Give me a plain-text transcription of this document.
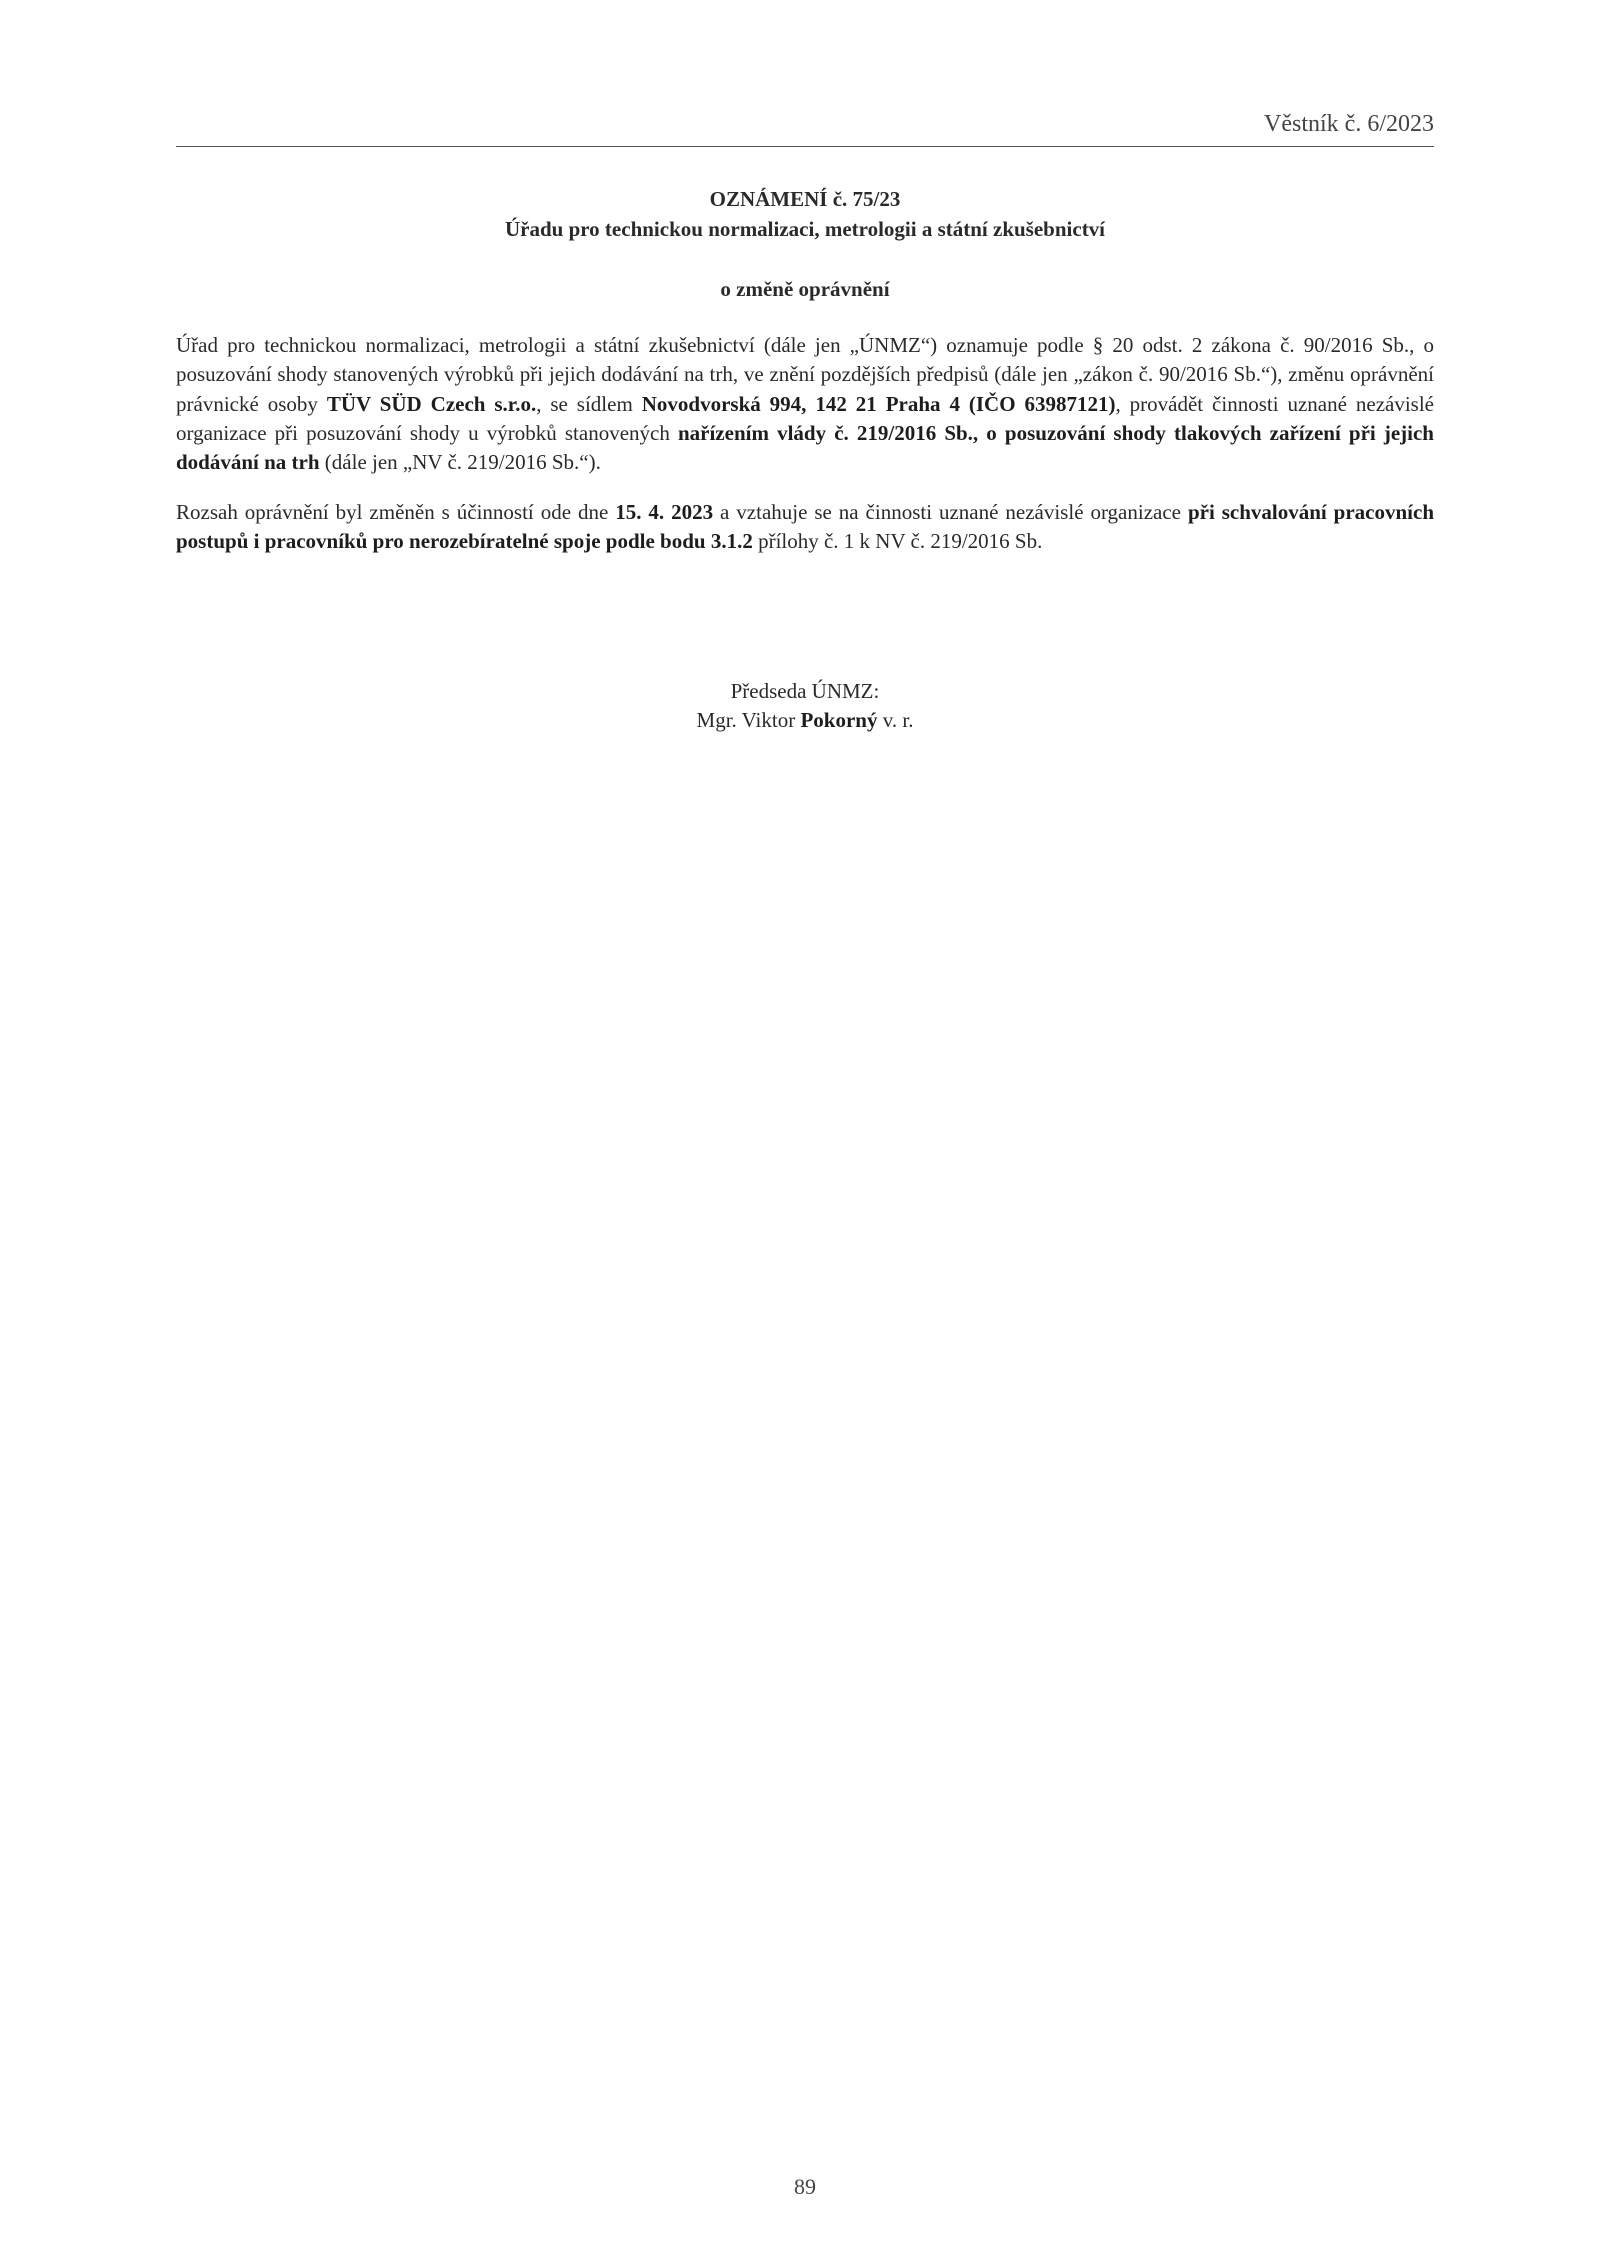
Věstník č. 6/2023
OZNÁMENÍ č. 75/23
Úřadu pro technickou normalizaci, metrologii a státní zkušebnictví
o změně oprávnění
Úřad pro technickou normalizaci, metrologii a státní zkušebnictví (dále jen „ÚNMZ“) oznamuje podle § 20 odst. 2 zákona č. 90/2016 Sb., o posuzování shody stanovených výrobků při jejich dodávání na trh, ve znění pozdějších předpisů (dále jen „zákon č. 90/2016 Sb.“), změnu oprávnění právnické osoby TÜV SÜD Czech s.r.o., se sídlem Novodvorská 994, 142 21 Praha 4 (IČO 63987121), provádět činnosti uznané nezávislé organizace při posuzování shody u výrobků stanovených nařízením vlády č. 219/2016 Sb., o posuzování shody tlakových zařízení při jejich dodávání na trh (dále jen „NV č. 219/2016 Sb.“).
Rozsah oprávnění byl změněn s účinností ode dne 15. 4. 2023 a vztahuje se na činnosti uznané nezávislé organizace při schvalování pracovních postupů i pracovníků pro nerozebíratelné spoje podle bodu 3.1.2 přílohy č. 1 k NV č. 219/2016 Sb.
Předseda ÚNMZ:
Mgr. Viktor Pokorný v. r.
89
